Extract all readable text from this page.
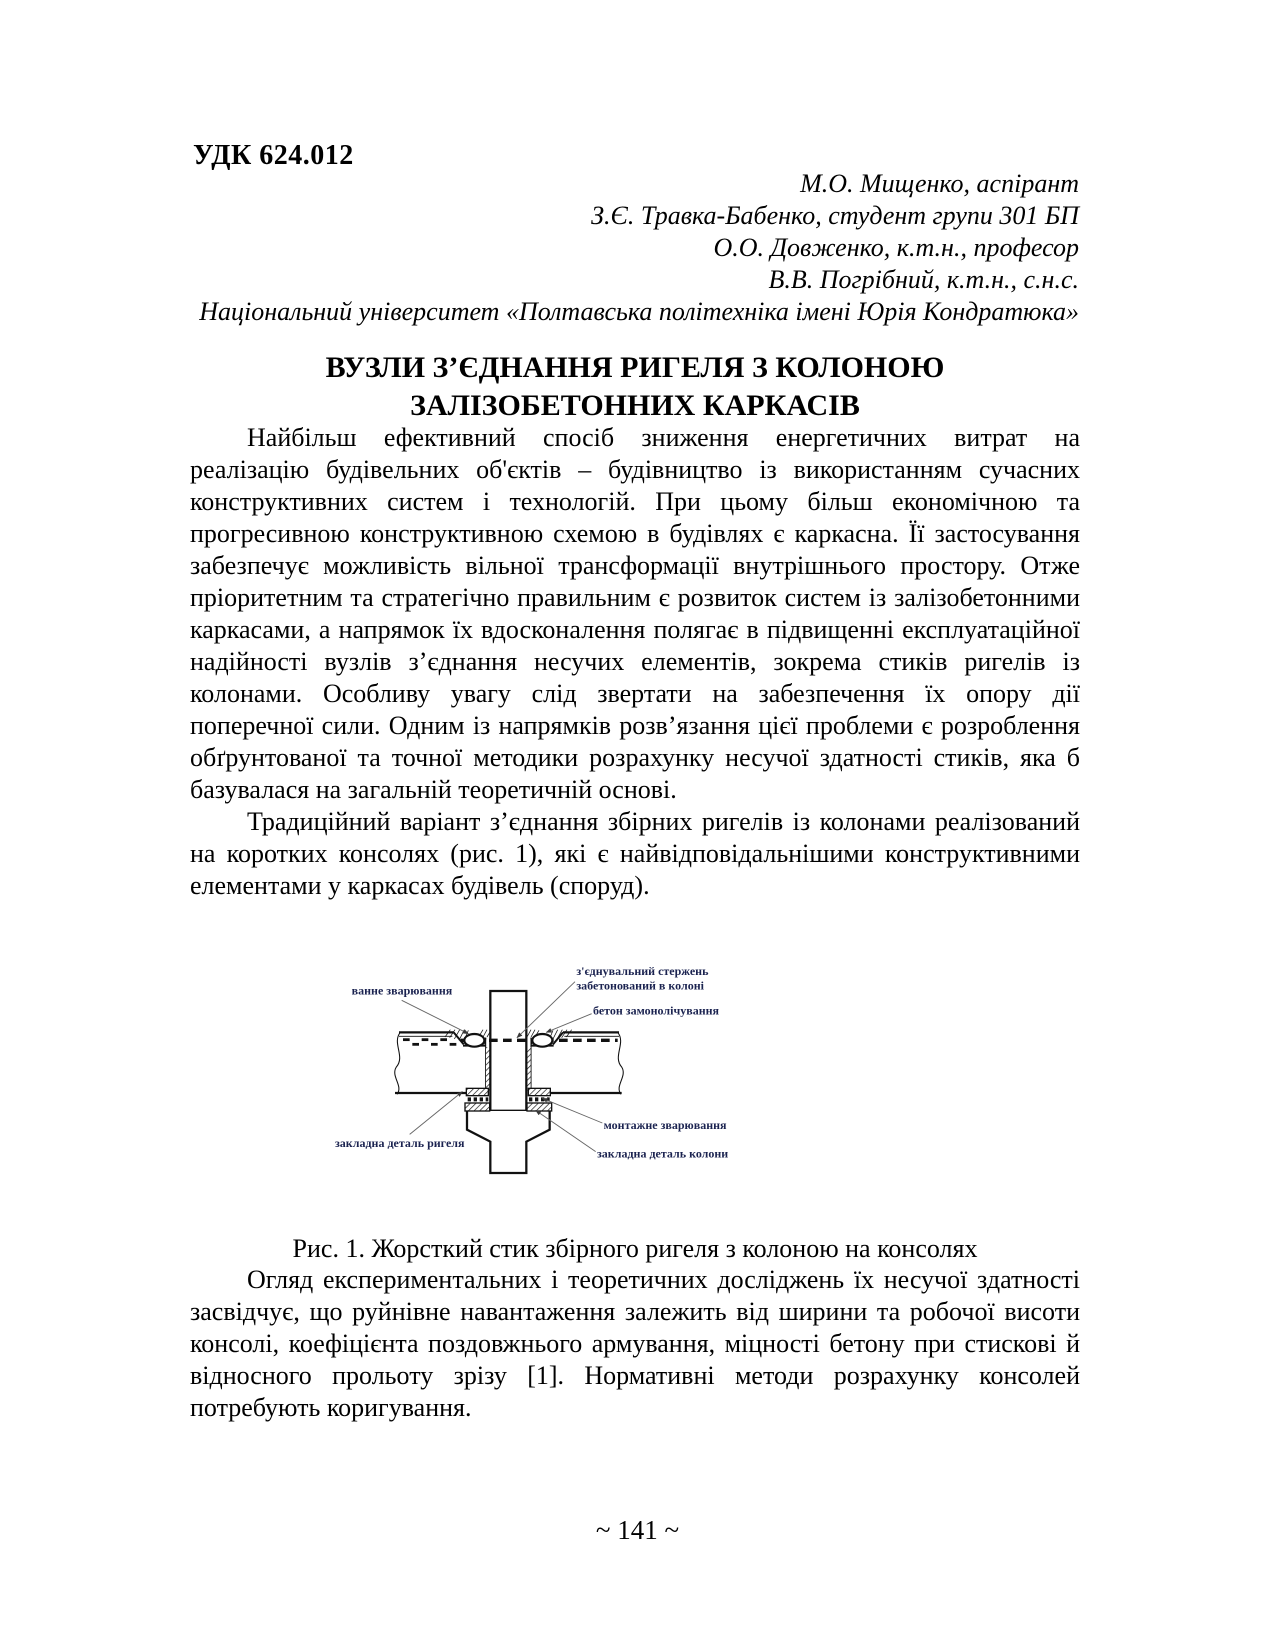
УДК 624.012
М.О. Мищенко, аспірант
З.Є. Травка-Бабенко, студент групи 301 БП
О.О. Довженко, к.т.н., професор
В.В. Погрібний, к.т.н., с.н.с.
Національний університет «Полтавська політехніка імені Юрія Кондратюка»
ВУЗЛИ З’ЄДНАННЯ РИГЕЛЯ З КОЛОНОЮ
ЗАЛІЗОБЕТОННИХ КАРКАСІВ

Найбільш ефективний спосіб зниження енергетичних витрат на реалізацію будівельних об'єктів – будівництво із використанням сучасних конструктивних систем і технологій. При цьому більш економічною та прогресивною конструктивною схемою в будівлях є каркасна. Її застосування забезпечує можливість вільної трансформації внутрішнього простору. Отже пріоритетним та стратегічно правильним є розвиток систем із залізобетонними каркасами, а напрямок їх вдосконалення полягає в підвищенні експлуатаційної надійності вузлів з’єднання несучих елементів, зокрема стиків ригелів із колонами. Особливу увагу слід звертати на забезпечення їх опору дії поперечної сили. Одним із напрямків розв’язання цієї проблеми є розроблення обґрунтованої та точної методики розрахунку несучої здатності стиків, яка б базувалася на загальній теоретичній основі.

Традиційний варіант з’єднання збірних ригелів із колонами реалізований на коротких консолях (рис. 1), які є найвідповідальнішими конструктивними елементами у каркасах будівель (споруд).

ванне зварювання
з'єднувальний стержень
забетонований в колоні
бетон замонолічування
монтажне зварювання
закладна деталь колони
закладна деталь ригеля

Рис. 1. Жорсткий стик збірного ригеля з колоною на консолях

Огляд експериментальних і теоретичних досліджень їх несучої здатності засвідчує, що руйнівне навантаження залежить від ширини та робочої висоти консолі, коефіцієнта поздовжнього армування, міцності бетону при стискові й відносного прольоту зрізу [1]. Нормативні методи розрахунку консолей потребують коригування.

~ 141 ~
